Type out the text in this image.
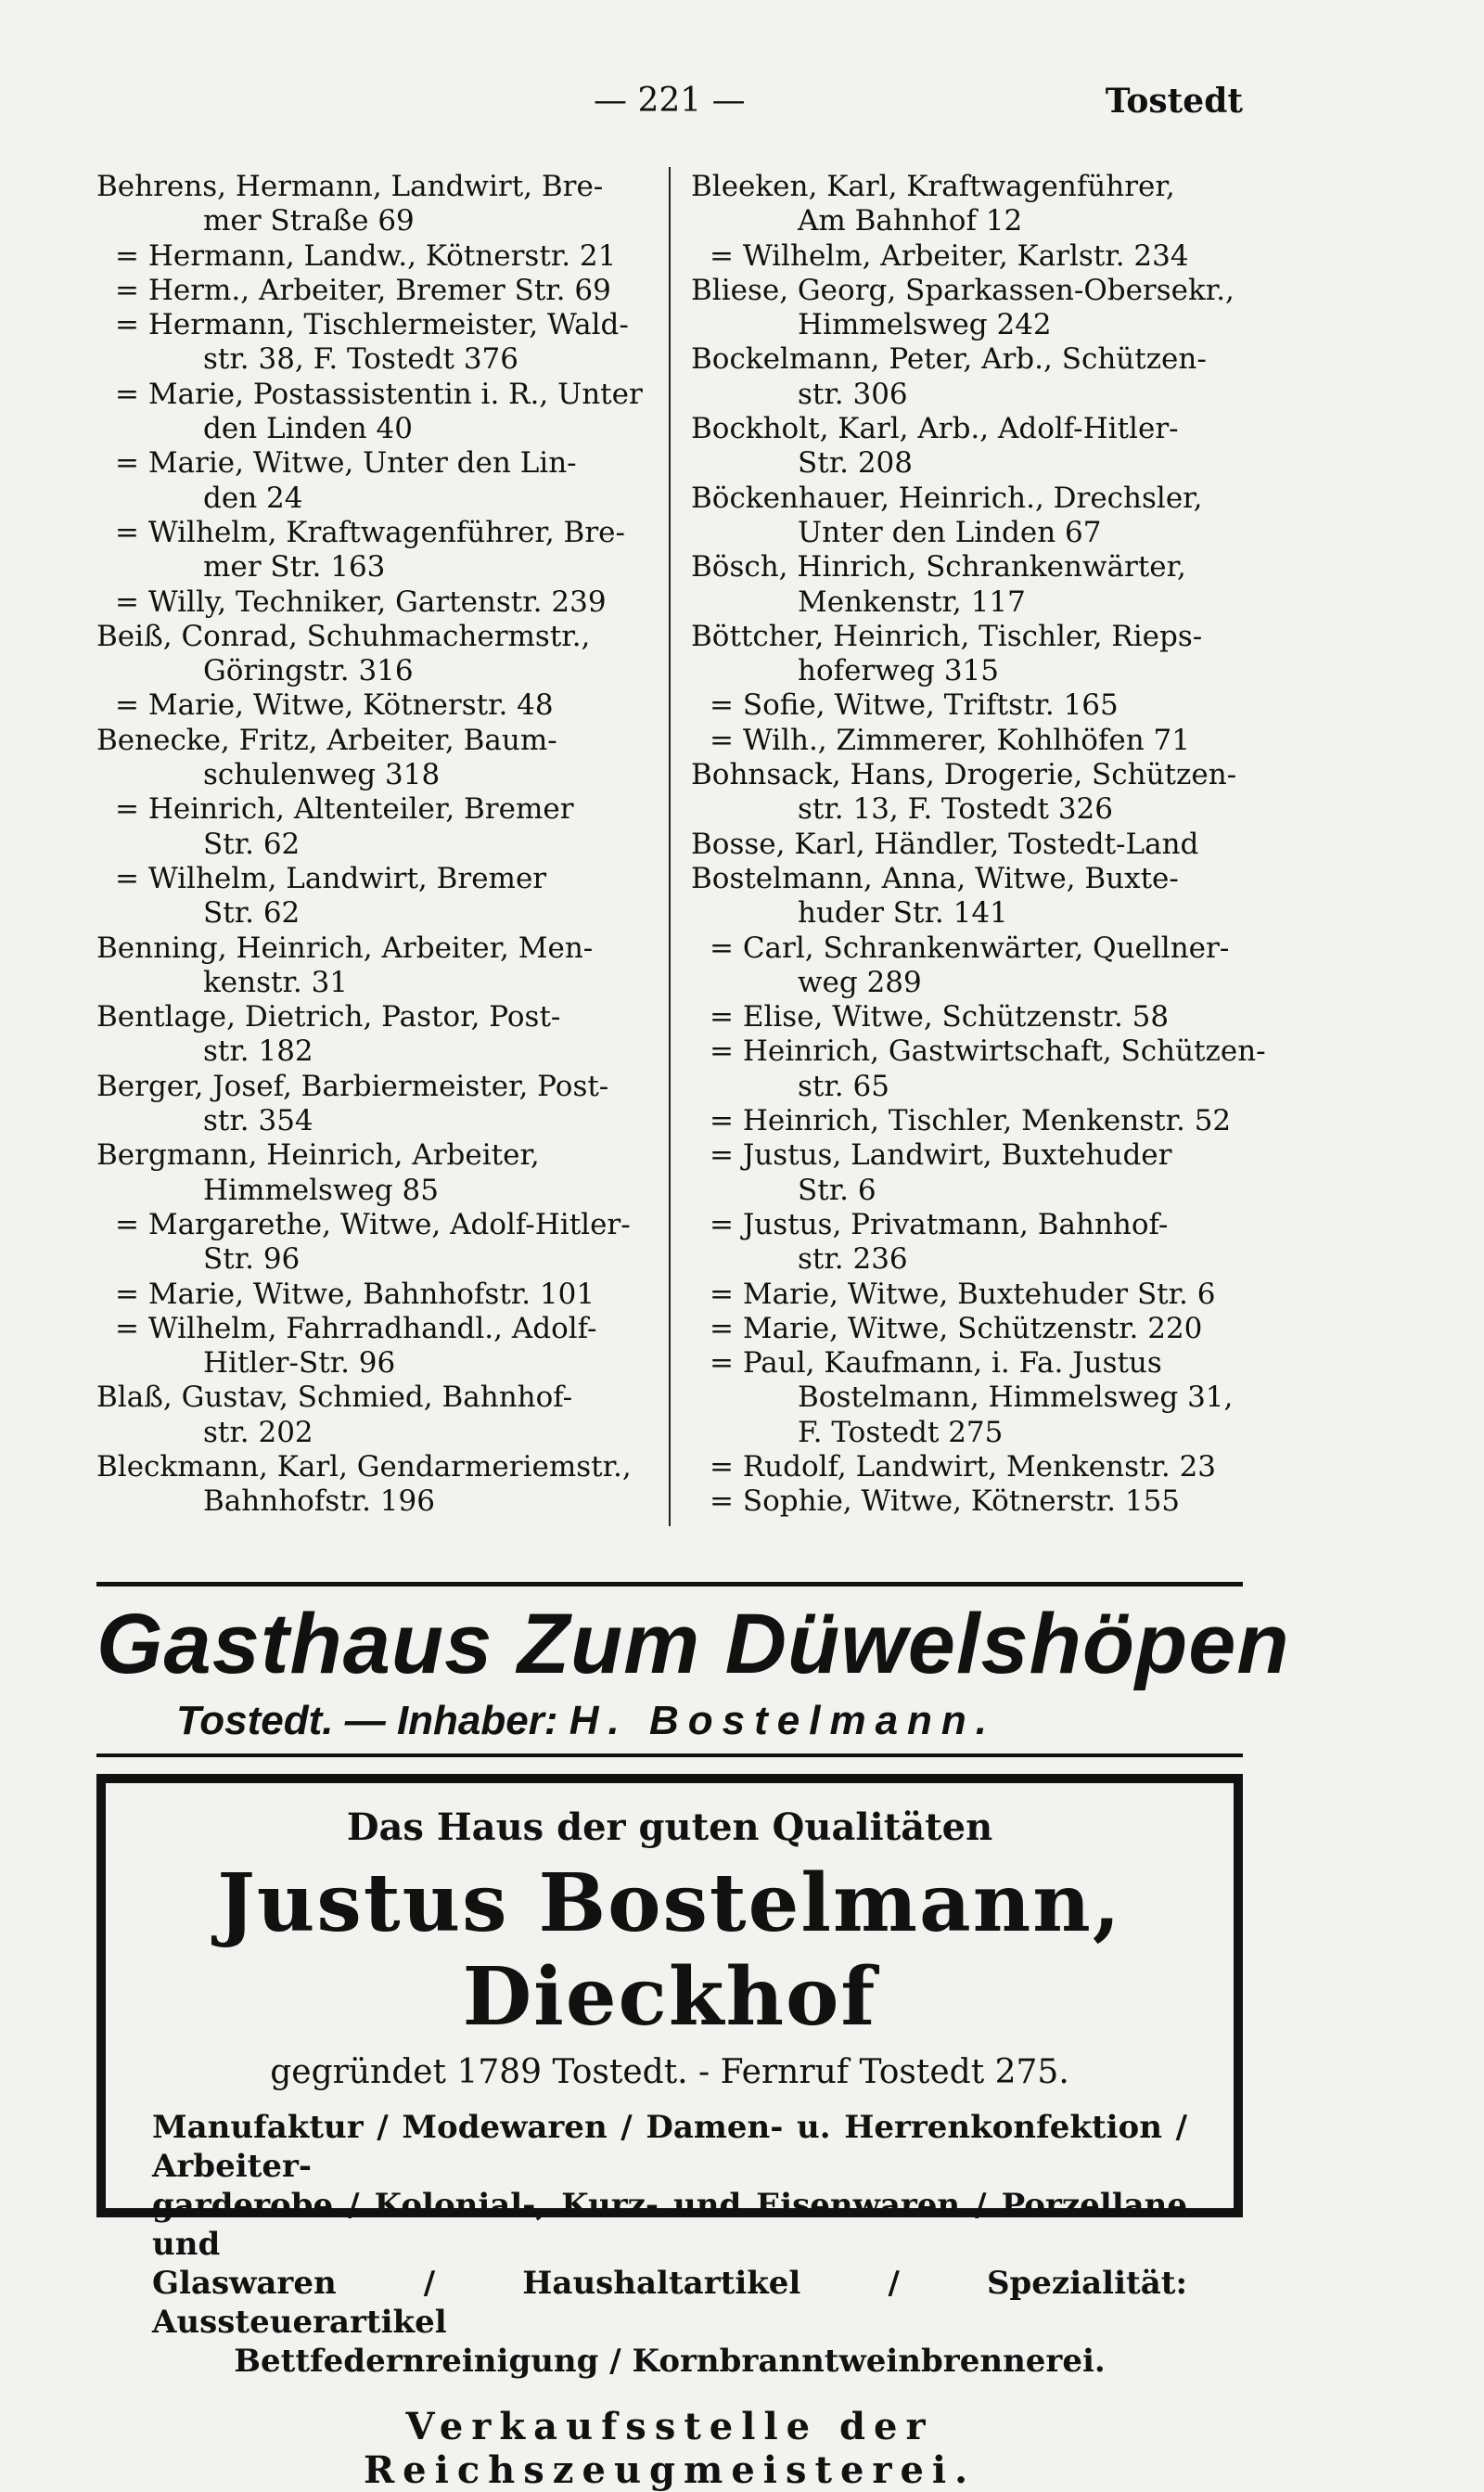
— 221 —	Tostedt
Behrens, Hermann, Landwirt, Bre-
mer Straße 69
= Hermann, Landw., Kötnerstr. 21
= Herm., Arbeiter, Bremer Str. 69
= Hermann, Tischlermeister, Wald-
str. 38, F. Tostedt 376
= Marie, Postassistentin i. R., Unter
den Linden 40
= Marie, Witwe, Unter den Lin-
den 24
= Wilhelm, Kraftwagenführer, Bre-
mer Str. 163
= Willy, Techniker, Gartenstr. 239
Beiß, Conrad, Schuhmachermstr.,
Göringstr. 316
= Marie, Witwe, Kötnerstr. 48
Benecke, Fritz, Arbeiter, Baum-
schulenweg 318
= Heinrich, Altenteiler, Bremer
Str. 62
= Wilhelm, Landwirt, Bremer
Str. 62
Benning, Heinrich, Arbeiter, Men-
kenstr. 31
Bentlage, Dietrich, Pastor, Post-
str. 182
Berger, Josef, Barbiermeister, Post-
str. 354
Bergmann, Heinrich, Arbeiter,
Himmelsweg 85
= Margarethe, Witwe, Adolf-Hitler-
Str. 96
= Marie, Witwe, Bahnhofstr. 101
= Wilhelm, Fahrradhandl., Adolf-
Hitler-Str. 96
Blaß, Gustav, Schmied, Bahnhof-
str. 202
Bleckmann, Karl, Gendarmeriemstr.,
Bahnhofstr. 196
Bleeken, Karl, Kraftwagenführer,
Am Bahnhof 12
= Wilhelm, Arbeiter, Karlstr. 234
Bliese, Georg, Sparkassen-Obersekr.,
Himmelsweg 242
Bockelmann, Peter, Arb., Schützen-
str. 306
Bockholt, Karl, Arb., Adolf-Hitler-
Str. 208
Böckenhauer, Heinrich., Drechsler,
Unter den Linden 67
Bösch, Hinrich, Schrankenwärter,
Menkenstr, 117
Böttcher, Heinrich, Tischler, Rieps-
hoferweg 315
= Sofie, Witwe, Triftstr. 165
= Wilh., Zimmerer, Kohlhöfen 71
Bohnsack, Hans, Drogerie, Schützen-
str. 13, F. Tostedt 326
Bosse, Karl, Händler, Tostedt-Land
Bostelmann, Anna, Witwe, Buxte-
huder Str. 141
= Carl, Schrankenwärter, Quellner-
weg 289
= Elise, Witwe, Schützenstr. 58
= Heinrich, Gastwirtschaft, Schützen-
str. 65
= Heinrich, Tischler, Menkenstr. 52
= Justus, Landwirt, Buxtehuder
Str. 6
= Justus, Privatmann, Bahnhof-
str. 236
= Marie, Witwe, Buxtehuder Str. 6
= Marie, Witwe, Schützenstr. 220
= Paul, Kaufmann, i. Fa. Justus
Bostelmann, Himmelsweg 31,
F. Tostedt 275
= Rudolf, Landwirt, Menkenstr. 23
= Sophie, Witwe, Kötnerstr. 155
Gasthaus Zum Düwelshöpen
Tostedt. — Inhaber: H. Bostelmann.
Das Haus der guten Qualitäten
Justus Bostelmann, Dieckhof
gegründet 1789 Tostedt. - Fernruf Tostedt 275.
Manufaktur / Modewaren / Damen- u. Herrenkonfektion / Arbeiter-
garderobe / Kolonial-, Kurz- und Eisenwaren / Porzellane und
Glaswaren / Haushaltartikel / Spezialität: Aussteuerartikel
Bettfedernreinigung / Kornbranntweinbrennerei.
Verkaufsstelle der Reichszeugmeisterei.
